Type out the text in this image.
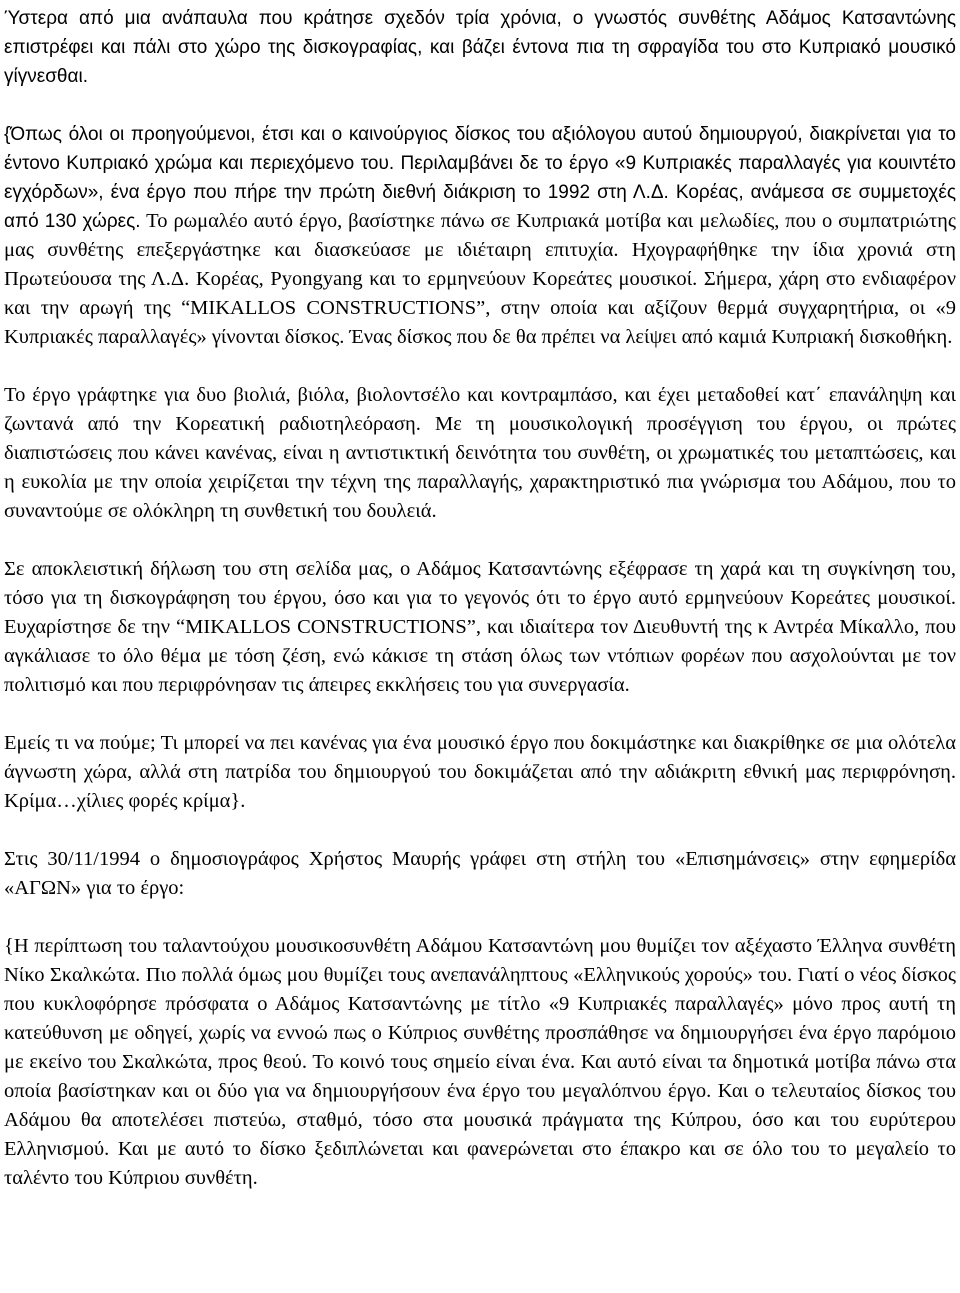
Ύστερα από μια ανάπαυλα που κράτησε σχεδόν τρία χρόνια, ο γνωστός συνθέτης Αδάμος Κατσαντώνης επιστρέφει και πάλι στο χώρο της δισκογραφίας, και βάζει έντονα πια τη σφραγίδα του στο Κυπριακό μουσικό γίγνεσθαι.

{Όπως όλοι οι προηγούμενοι, έτσι και ο καινούργιος δίσκος του αξιόλογου αυτού δημιουργού, διακρίνεται για το έντονο Κυπριακό χρώμα και περιεχόμενο του. Περιλαμβάνει δε το έργο «9 Κυπριακές παραλλαγές για κουιντέτο εγχόρδων», ένα έργο που πήρε την πρώτη διεθνή διάκριση το 1992 στη Λ.Δ. Κορέας, ανάμεσα σε συμμετοχές από 130 χώρες. Το ρωμαλέο αυτό έργο, βασίστηκε πάνω σε Κυπριακά μοτίβα και μελωδίες, που ο συμπατριώτης μας συνθέτης επεξεργάστηκε και διασκεύασε με ιδιέταιρη επιτυχία. Ηχογραφήθηκε την ίδια χρονιά στη Πρωτεύουσα της Λ.Δ. Κορέας, Pyongyang και το ερμηνεύουν Κορεάτες μουσικοί. Σήμερα, χάρη στο ενδιαφέρον και την αρωγή της “MIKALLOS CONSTRUCTIONS”, στην οποία και αξίζουν θερμά συγχαρητήρια, οι «9 Κυπριακές παραλλαγές» γίνονται δίσκος. Ένας δίσκος που δε θα πρέπει να λείψει από καμιά Κυπριακή δισκοθήκη.

Το έργο γράφτηκε για δυο βιολιά, βιόλα, βιολοντσέλο και κοντραμπάσο, και έχει μεταδοθεί κατ΄ επανάληψη και ζωντανά από την Κορεατική ραδιοτηλεόραση. Με τη μουσικολογική προσέγγιση του έργου, οι πρώτες διαπιστώσεις που κάνει κανένας, είναι η αντιστικτική δεινότητα του συνθέτη, οι χρωματικές του μεταπτώσεις, και η ευκολία με την οποία χειρίζεται την τέχνη της παραλλαγής, χαρακτηριστικό πια γνώρισμα του Αδάμου, που το συναντούμε σε ολόκληρη τη συνθετική του δουλειά.

Σε αποκλειστική δήλωση του στη σελίδα μας, ο Αδάμος Κατσαντώνης εξέφρασε τη χαρά και τη συγκίνηση του, τόσο για τη δισκογράφηση του έργου, όσο και για το γεγονός ότι το έργο αυτό ερμηνεύουν Κορεάτες μουσικοί. Ευχαρίστησε δε την “MIKALLOS CONSTRUCTIONS”, και ιδιαίτερα τον Διευθυντή της κ Αντρέα Μίκαλλο, που αγκάλιασε το όλο θέμα με τόση ζέση, ενώ κάκισε τη στάση όλως των ντόπιων φορέων που ασχολούνται με τον πολιτισμό και που περιφρόνησαν τις άπειρες εκκλήσεις του για συνεργασία.

Εμείς τι να πούμε; Τι μπορεί να πει κανένας για ένα μουσικό έργο που δοκιμάστηκε και διακρίθηκε σε μια ολότελα άγνωστη χώρα, αλλά στη πατρίδα του δημιουργού του δοκιμάζεται από την αδιάκριτη εθνική μας περιφρόνηση. Κρίμα…χίλιες φορές κρίμα}.

Στις 30/11/1994 ο δημοσιογράφος Χρήστος Μαυρής γράφει στη στήλη του «Επισημάνσεις» στην εφημερίδα «ΑΓΩΝ» για το έργο:

{Η περίπτωση του ταλαντούχου μουσικοσυνθέτη Αδάμου Κατσαντώνη μου θυμίζει τον αξέχαστο Έλληνα συνθέτη Νίκο Σκαλκώτα. Πιο πολλά όμως μου θυμίζει τους ανεπανάληπτους «Ελληνικούς χορούς» του. Γιατί ο νέος δίσκος που κυκλοφόρησε πρόσφατα ο Αδάμος Κατσαντώνης με τίτλο «9 Κυπριακές παραλλαγές» μόνο προς αυτή τη κατεύθυνση με οδηγεί, χωρίς να εννοώ πως ο Κύπριος συνθέτης προσπάθησε να δημιουργήσει ένα έργο παρόμοιο με εκείνο του Σκαλκώτα, προς θεού. Το κοινό τους σημείο είναι ένα. Και αυτό είναι τα δημοτικά μοτίβα πάνω στα οποία βασίστηκαν και οι δύο για να δημιουργήσουν ένα έργο του μεγαλόπνου έργο. Και ο τελευταίος δίσκος του Αδάμου θα αποτελέσει πιστεύω, σταθμό, τόσο στα μουσικά πράγματα της Κύπρου, όσο και του ευρύτερου Ελληνισμού. Και με αυτό το δίσκο ξεδιπλώνεται και φανερώνεται στο έπακρο και σε όλο του το μεγαλείο το ταλέντο του Κύπριου συνθέτη.
